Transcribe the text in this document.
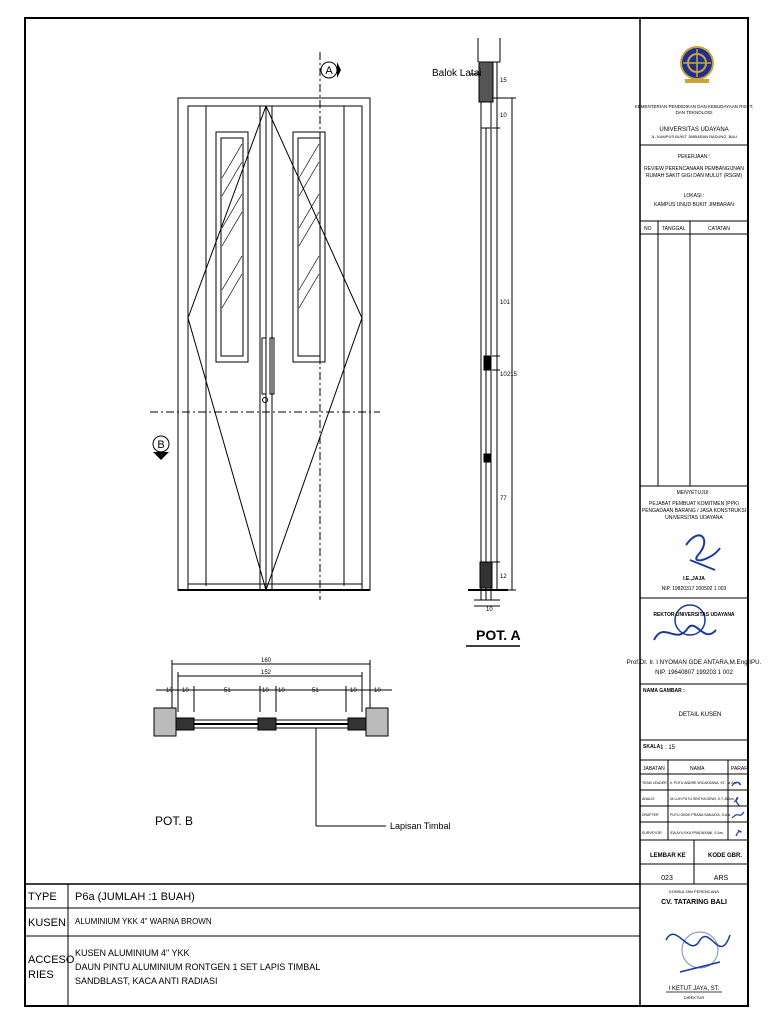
A
B
Balok Latai
15
10
101
10 215
77
12
10
POT. A
160
152
10 10	51	10 10	51	10	10
POT. B	Lapisan Timbal
TYPE P6a (JUMLAH :1 BUAH)
KUSEN ALUMINIUM YKK 4" WARNA BROWN
ACCESO
RIES
KUSEN ALUMINIUM 4" YKK
DAUN PINTU ALUMINIUM RONTGEN 1 SET LAPIS TIMBAL
SANDBLAST, KACA ANTI RADIASI
KEMENTERIAN PENDIDIKAN DAN KEBUDAYAAN RISET,
DAN TEKNOLOGI
UNIVERSITAS UDAYANA
JL. KAMPUS BUKIT JIMBARAN BADUNG, BALI
PEKERJAAN :
REVIEW PERENCANAAN PEMBANGUNAN
RUMAH SAKIT GIGI DAN MULUT (RSGM)
LOKASI :
KAMPUS UNUD BUKIT JIMBARAN
NO TANGGAL	CATATAN
MENYETUJUI :
PEJABAT PEMBUAT KOMITMEN (PPK)
PENGADAAN BARANG / JASA KONSTRUKSI
UNIVERSITAS UDAYANA
I.E.,JAJA
NIP. 19820317 200502 1 003
REKTOR UNIVERSITAS UDAYANA
Prof.Dr. Ir. I NYOMAN GDE ANTARA,M.Eng.IPU.
NIP. 19640807 199203 1 002
NAMA GAMBAR :
DETAIL KUSEN
SKALA :
1 : 15
JABATAN	NAMA	PARAF
TEAM LEADER Ir. PUTU ANDRE WICAKSANA, ST., M.Ars.
ANALIS	NI LUH PUTU SINTHA DEWI, S.T.,M.Ars.
DRAFTER	PUTU GEDE PRANA SANJAYA, S.Ars.
SURVEYOR IDA AYU EKA PRADNYANI, S.Ars.
LEMBAR KE	KODE GBR.
023	ARS
KONSULTAN PERENCANA
CV. TATARING BALI
I KETUT JAYA, ST.
DIREKTUR
